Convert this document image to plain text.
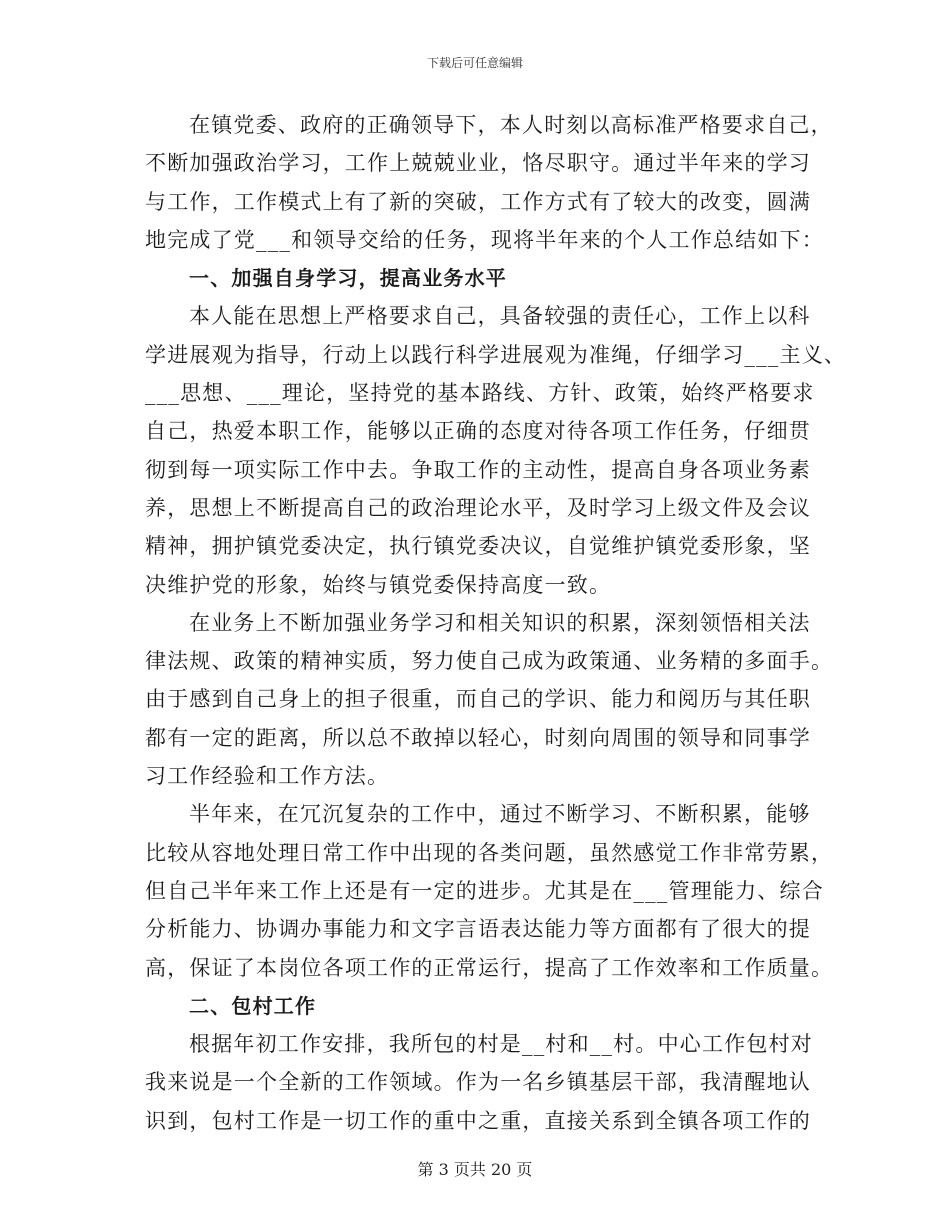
下载后可任意编辑
在镇党委、政府的正确领导下，本人时刻以高标准严格要求自己，
不断加强政治学习，工作上兢兢业业，恪尽职守。通过半年来的学习
与工作，工作模式上有了新的突破，工作方式有了较大的改变，圆满
地完成了党___和领导交给的任务，现将半年来的个人工作总结如下：
一、加强自身学习，提高业务水平
本人能在思想上严格要求自己，具备较强的责任心，工作上以科
学进展观为指导，行动上以践行科学进展观为准绳，仔细学习___主义、
___思想、___理论，坚持党的基本路线、方针、政策，始终严格要求
自己，热爱本职工作，能够以正确的态度对待各项工作任务，仔细贯
彻到每一项实际工作中去。争取工作的主动性，提高自身各项业务素
养，思想上不断提高自己的政治理论水平，及时学习上级文件及会议
精神，拥护镇党委决定，执行镇党委决议，自觉维护镇党委形象，坚
决维护党的形象，始终与镇党委保持高度一致。
在业务上不断加强业务学习和相关知识的积累，深刻领悟相关法
律法规、政策的精神实质，努力使自己成为政策通、业务精的多面手。
由于感到自己身上的担子很重，而自己的学识、能力和阅历与其任职
都有一定的距离，所以总不敢掉以轻心，时刻向周围的领导和同事学
习工作经验和工作方法。
半年来，在冗沉复杂的工作中，通过不断学习、不断积累，能够
比较从容地处理日常工作中出现的各类问题，虽然感觉工作非常劳累，
但自己半年来工作上还是有一定的进步。尤其是在___管理能力、综合
分析能力、协调办事能力和文字言语表达能力等方面都有了很大的提
高，保证了本岗位各项工作的正常运行，提高了工作效率和工作质量。
二、包村工作
根据年初工作安排，我所包的村是__村和__村。中心工作包村对
我来说是一个全新的工作领域。作为一名乡镇基层干部，我清醒地认
识到，包村工作是一切工作的重中之重，直接关系到全镇各项工作的
第 3 页共 20 页
